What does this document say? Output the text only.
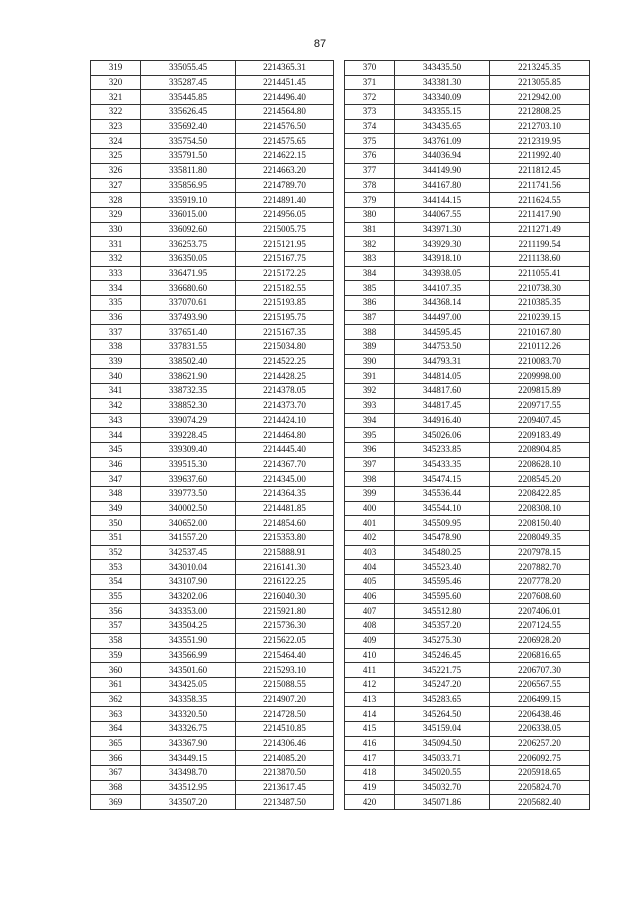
87
319	335055.45	2214365.31
320	335287.45	2214451.45
321	335445.85	2214496.40
322	335626.45	2214564.80
323	335692.40	2214576.50
324	335754.50	2214575.65
325	335791.50	2214622.15
326	335811.80	2214663.20
327	335856.95	2214789.70
328	335919.10	2214891.40
329	336015.00	2214956.05
330	336092.60	2215005.75
331	336253.75	2215121.95
332	336350.05	2215167.75
333	336471.95	2215172.25
334	336680.60	2215182.55
335	337070.61	2215193.85
336	337493.90	2215195.75
337	337651.40	2215167.35
338	337831.55	2215034.80
339	338502.40	2214522.25
340	338621.90	2214428.25
341	338732.35	2214378.05
342	338852.30	2214373.70
343	339074.29	2214424.10
344	339228.45	2214464.80
345	339309.40	2214445.40
346	339515.30	2214367.70
347	339637.60	2214345.00
348	339773.50	2214364.35
349	340002.50	2214481.85
350	340652.00	2214854.60
351	341557.20	2215353.80
352	342537.45	2215888.91
353	343010.04	2216141.30
354	343107.90	2216122.25
355	343202.06	2216040.30
356	343353.00	2215921.80
357	343504.25	2215736.30
358	343551.90	2215622.05
359	343566.99	2215464.40
360	343501.60	2215293.10
361	343425.05	2215088.55
362	343358.35	2214907.20
363	343320.50	2214728.50
364	343326.75	2214510.85
365	343367.90	2214306.46
366	343449.15	2214085.20
367	343498.70	2213870.50
368	343512.95	2213617.45
369	343507.20	2213487.50
370	343435.50	2213245.35
371	343381.30	2213055.85
372	343340.09	2212942.00
373	343355.15	2212808.25
374	343435.65	2212703.10
375	343761.09	2212319.95
376	344036.94	2211992.40
377	344149.90	2211812.45
378	344167.80	2211741.56
379	344144.15	2211624.55
380	344067.55	2211417.90
381	343971.30	2211271.49
382	343929.30	2211199.54
383	343918.10	2211138.60
384	343938.05	2211055.41
385	344107.35	2210738.30
386	344368.14	2210385.35
387	344497.00	2210239.15
388	344595.45	2210167.80
389	344753.50	2210112.26
390	344793.31	2210083.70
391	344814.05	2209998.00
392	344817.60	2209815.89
393	344817.45	2209717.55
394	344916.40	2209407.45
395	345026.06	2209183.49
396	345233.85	2208904.85
397	345433.35	2208628.10
398	345474.15	2208545.20
399	345536.44	2208422.85
400	345544.10	2208308.10
401	345509.95	2208150.40
402	345478.90	2208049.35
403	345480.25	2207978.15
404	345523.40	2207882.70
405	345595.46	2207778.20
406	345595.60	2207608.60
407	345512.80	2207406.01
408	345357.20	2207124.55
409	345275.30	2206928.20
410	345246.45	2206816.65
411	345221.75	2206707.30
412	345247.20	2206567.55
413	345283.65	2206499.15
414	345264.50	2206438.46
415	345159.04	2206338.05
416	345094.50	2206257.20
417	345033.71	2206092.75
418	345020.55	2205918.65
419	345032.70	2205824.70
420	345071.86	2205682.40
